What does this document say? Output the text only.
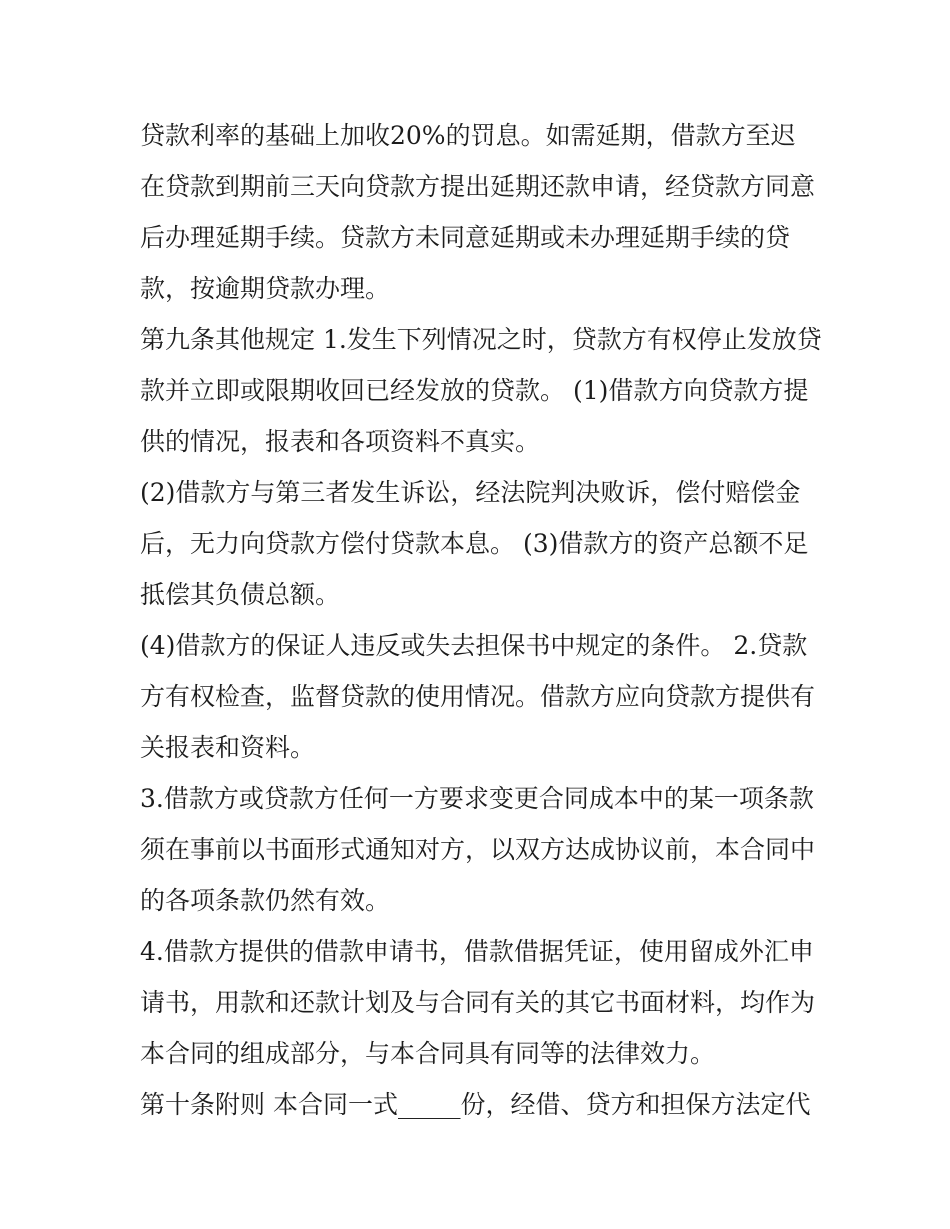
贷款利率的基础上加收20%的罚息。如需延期，借款方至迟
在贷款到期前三天向贷款方提出延期还款申请，经贷款方同意
后办理延期手续。贷款方未同意延期或未办理延期手续的贷
款，按逾期贷款办理。
第九条其他规定 1.发生下列情况之时，贷款方有权停止发放贷
款并立即或限期收回已经发放的贷款。 (1)借款方向贷款方提
供的情况，报表和各项资料不真实。
(2)借款方与第三者发生诉讼，经法院判决败诉，偿付赔偿金
后，无力向贷款方偿付贷款本息。 (3)借款方的资产总额不足
抵偿其负债总额。
(4)借款方的保证人违反或失去担保书中规定的条件。 2.贷款
方有权检查，监督贷款的使用情况。借款方应向贷款方提供有
关报表和资料。
3.借款方或贷款方任何一方要求变更合同成本中的某一项条款
须在事前以书面形式通知对方，以双方达成协议前，本合同中
的各项条款仍然有效。
4.借款方提供的借款申请书，借款借据凭证，使用留成外汇申
请书，用款和还款计划及与合同有关的其它书面材料，均作为
本合同的组成部分，与本合同具有同等的法律效力。
第十条附则 本合同一式_____份，经借、贷方和担保方法定代
